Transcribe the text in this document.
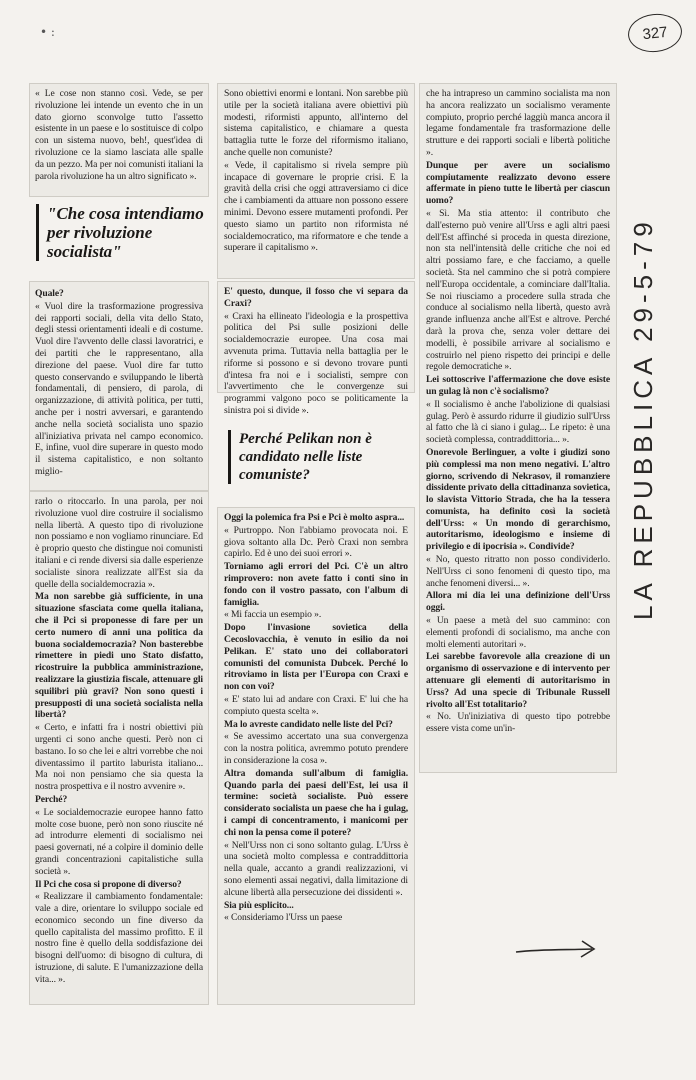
• :	327
LA REPUBBLICA 29-5-79

« Le cose non stanno così. Vede, se per rivoluzione lei intende un evento che in un dato giorno sconvolge tutto l'assetto esistente in un paese e lo sostituisce di colpo con un sistema nuovo, beh!, quest'idea di rivoluzione ce la siamo lasciata alle spalle da un pezzo. Ma per noi comunisti italiani la parola rivoluzione ha un altro significato ».

"Che cosa intendiamo per rivoluzione socialista"

Quale?

« Vuol dire la trasformazione progressiva dei rapporti sociali, della vita dello Stato, degli stessi orientamenti ideali e di costume. Vuol dire l'avvento delle classi lavoratrici, e dei partiti che le rappresentano, alla direzione del paese. Vuol dire far tutto questo conservando e sviluppando le libertà fondamentali, di pensiero, di parola, di organizzazione, di attività politica, per tutti, anche per i nostri avversari, e garantendo anche nella società socialista uno spazio all'iniziativa privata nel campo economico. E, infine, vuol dire superare in questo modo il sistema capitalistico, e non soltanto miglio-

rarlo o ritoccarlo. In una parola, per noi rivoluzione vuol dire costruire il socialismo nella libertà. A questo tipo di rivoluzione non possiamo e non vogliamo rinunciare. Ed è proprio questo che distingue noi comunisti italiani e ci rende diversi sia dalle esperienze socialiste sinora realizzate all'Est sia da quelle della socialdemocrazia ».

Ma non sarebbe già sufficiente, in una situazione sfasciata come quella italiana, che il Pci si proponesse di fare per un certo numero di anni una politica da buona socialdemocrazia? Non basterebbe rimettere in piedi uno Stato disfatto, ricostruire la pubblica amministrazione, realizzare la giustizia fiscale, attenuare gli squilibri più gravi? Non sono questi i presupposti di una società socialista nella libertà?

« Certo, e infatti fra i nostri obiettivi più urgenti ci sono anche questi. Però non ci bastano. Io so che lei e altri vorrebbe che noi diventassimo il partito laburista italiano... Ma noi non pensiamo che sia questa la nostra prospettiva e il nostro avvenire ».

Perché?

« Le socialdemocrazie europee hanno fatto molte cose buone, però non sono riuscite né ad introdurre elementi di socialismo nei paesi governati, né a colpire il dominio delle grandi concentrazioni capitalistiche sulla società ».

Il Pci che cosa si propone di diverso?

« Realizzare il cambiamento fondamentale: vale a dire, orientare lo sviluppo sociale ed economico secondo un fine diverso da quello capitalista del massimo profitto. E il nostro fine è quello della soddisfazione dei bisogni dell'uomo: di bisogno di cultura, di istruzione, di salute. E l'umanizzazione della vita... ».

Sono obiettivi enormi e lontani. Non sarebbe più utile per la società italiana avere obiettivi più modesti, riformisti appunto, all'interno del sistema capitalistico, e chiamare a questa battaglia tutte le forze del riformismo italiano, anche quelle non comuniste?

« Vede, il capitalismo si rivela sempre più incapace di governare le proprie crisi. E la gravità della crisi che oggi attraversiamo ci dice che i cambiamenti da attuare non possono essere minimi. Devono essere mutamenti profondi. Per questo siamo un partito non riformista né socialdemocratico, ma riformatore e che tende a superare il capitalismo ».

E' questo, dunque, il fosso che vi separa da Craxi?

« Craxi ha ellineato l'ideologia e la prospettiva politica del Psi sulle posizioni delle socialdemocrazie europee. Una cosa mai avvenuta prima. Tuttavia nella battaglia per le riforme si possono e si devono trovare punti d'intesa fra noi e i socialisti, sempre con l'avvertimento che le convergenze sui programmi valgono poco se politicamente la sinistra poi si divide ».

Perché Pelikan non è candidato nelle liste comuniste?

Oggi la polemica fra Psi e Pci è molto aspra...

« Purtroppo. Non l'abbiamo provocata noi. E giova soltanto alla Dc. Però Craxi non sembra capirlo. Ed è uno dei suoi errori ».

Torniamo agli errori del Pci. C'è un altro rimprovero: non avete fatto i conti sino in fondo con il vostro passato, con l'album di famiglia.

« Mi faccia un esempio ».

Dopo l'invasione sovietica della Cecoslovacchia, è venuto in esilio da noi Pelikan. E' stato uno dei collaboratori comunisti del comunista Dubcek. Perché lo ritroviamo in lista per l'Europa con Craxi e non con voi?

« E' stato lui ad andare con Craxi. E' lui che ha compiuto questa scelta ».

Ma lo avreste candidato nelle liste del Pci?

« Se avessimo accertato una sua convergenza con la nostra politica, avremmo potuto prendere in considerazione la cosa ».

Altra domanda sull'album di famiglia. Quando parla dei paesi dell'Est, lei usa il termine: società socialiste. Può essere considerato socialista un paese che ha i gulag, i campi di concentramento, i manicomi per chi non la pensa come il potere?

« Nell'Urss non ci sono soltanto gulag. L'Urss è una società molto complessa e contraddittoria nella quale, accanto a grandi realizzazioni, vi sono elementi assai negativi, dalla limitazione di alcune libertà alla persecuzione dei dissidenti ».

Sia più esplicito...

« Consideriamo l'Urss un paese

che ha intrapreso un cammino socialista ma non ha ancora realizzato un socialismo veramente compiuto, proprio perché laggiù manca ancora il legame fondamentale fra trasformazione delle strutture e dei rapporti sociali e libertà politiche ».

Dunque per avere un socialismo compiutamente realizzato devono essere affermate in pieno tutte le libertà per ciascun uomo?

« Sì. Ma stia attento: il contributo che dall'esterno può venire all'Urss e agli altri paesi dell'Est affinché si proceda in questa direzione, non sta nell'intensità delle critiche che noi ed altri possiamo fare, e che facciamo, a quelle società. Sta nel cammino che si potrà compiere nell'Europa occidentale, a cominciare dall'Italia. Se noi riusciamo a procedere sulla strada che conduce al socialismo nella libertà, questo avrà grande influenza anche all'Est e altrove. Perché darà la prova che, senza voler dettare dei modelli, è possibile arrivare al socialismo e costruirlo nel pieno rispetto dei principi e delle regole democratiche ».

Lei sottoscrive l'affermazione che dove esiste un gulag là non c'è socialismo?

« Il socialismo è anche l'abolizione di qualsiasi gulag. Però è assurdo ridurre il giudizio sull'Urss al fatto che là ci siano i gulag... Le ripeto: è una società complessa, contraddittoria... ».

Onorevole Berlinguer, a volte i giudizi sono più complessi ma non meno negativi. L'altro giorno, scrivendo di Nekrasov, il romanziere dissidente privato della cittadinanza sovietica, lo slavista Vittorio Strada, che ha la tessera comunista, ha definito così la società dell'Urss: « Un mondo di gerarchismo, autoritarismo, ideologismo e insieme di privilegio e di ipocrisia ». Condivide?

« No, questo ritratto non posso condividerlo. Nell'Urss ci sono fenomeni di questo tipo, ma anche fenomeni diversi... ».

Allora mi dia lei una definizione dell'Urss oggi.

« Un paese a metà del suo cammino: con elementi profondi di socialismo, ma anche con molti elementi autoritari ».

Lei sarebbe favorevole alla creazione di un organismo di osservazione e di intervento per attenuare gli elementi di autoritarismo in Urss? Ad una specie di Tribunale Russell rivolto all'Est totalitario?

« No. Un'iniziativa di questo tipo potrebbe essere vista come un'in-
